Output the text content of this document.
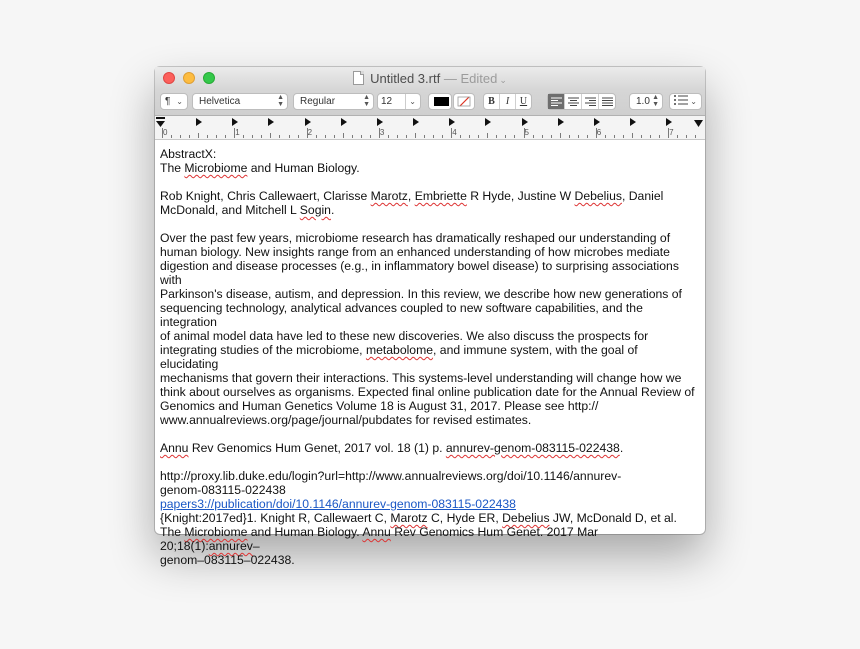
Untitled 3.rtf — Edited ⌄
¶ ⌄	Helvetica	▲
▼	Regular	▲
▼	12	⌄	B	I	U	1.0 ▲
▼	⌄
0	1	2	3	4	5	6	7

AbstractX:

The Microbiome and Human Biology.

Rob Knight, Chris Callewaert, Clarisse Marotz, Embriette R Hyde, Justine W Debelius, Daniel

McDonald, and Mitchell L Sogin.

Over the past few years, microbiome research has dramatically reshaped our understanding of

human biology. New insights range from an enhanced understanding of how microbes mediate

digestion and disease processes (e.g., in inflammatory bowel disease) to surprising associations with

Parkinson's disease, autism, and depression. In this review, we describe how new generations of

sequencing technology, analytical advances coupled to new software capabilities, and the integration

of animal model data have led to these new discoveries. We also discuss the prospects for

integrating studies of the microbiome, metabolome, and immune system, with the goal of elucidating

mechanisms that govern their interactions. This systems-level understanding will change how we

think about ourselves as organisms. Expected final online publication date for the Annual Review of

Genomics and Human Genetics Volume 18 is August 31, 2017. Please see http://

www.annualreviews.org/page/journal/pubdates for revised estimates.

Annu Rev Genomics Hum Genet, 2017 vol. 18 (1) p. annurev-genom-083115-022438.

http://proxy.lib.duke.edu/login?url=http://www.annualreviews.org/doi/10.1146/annurev-

genom-083115-022438

papers3://publication/doi/10.1146/annurev-genom-083115-022438

{Knight:2017ed}1. Knight R, Callewaert C, Marotz C, Hyde ER, Debelius JW, McDonald D, et al.

The Microbiome and Human Biology. Annu Rev Genomics Hum Genet. 2017 Mar 20;18(1):annurev–

genom–083115–022438.
